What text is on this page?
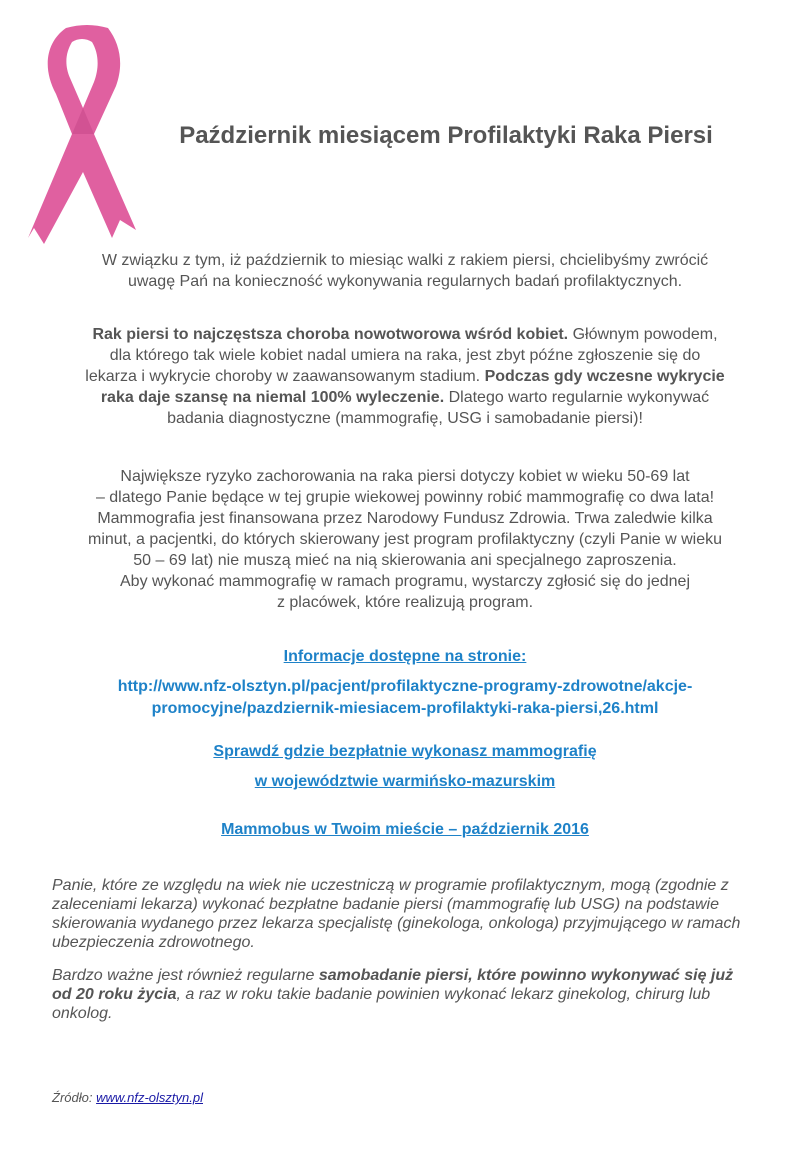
Październik miesiącem Profilaktyki Raka Piersi

W związku z tym, iż październik to miesiąc walki z rakiem piersi, chcielibyśmy zwrócić
uwagę Pań na konieczność wykonywania regularnych badań profilaktycznych.

Rak piersi to najczęstsza choroba nowotworowa wśród kobiet. Głównym powodem,
dla którego tak wiele kobiet nadal umiera na raka, jest zbyt późne zgłoszenie się do
lekarza i wykrycie choroby w zaawansowanym stadium. Podczas gdy wczesne wykrycie
raka daje szansę na niemal 100% wyleczenie. Dlatego warto regularnie wykonywać
badania diagnostyczne (mammografię, USG i samobadanie piersi)!

Największe ryzyko zachorowania na raka piersi dotyczy kobiet w wieku 50-69 lat
– dlatego Panie będące w tej grupie wiekowej powinny robić mammografię co dwa lata!
Mammografia jest finansowana przez Narodowy Fundusz Zdrowia. Trwa zaledwie kilka
minut, a pacjentki, do których skierowany jest program profilaktyczny (czyli Panie w wieku
50 – 69 lat) nie muszą mieć na nią skierowania ani specjalnego zaproszenia.
Aby wykonać mammografię w ramach programu, wystarczy zgłosić się do jednej
z placówek, które realizują program.

Informacje dostępne na stronie:

http://www.nfz-olsztyn.pl/pacjent/profilaktyczne-programy-zdrowotne/akcje-
promocyjne/pazdziernik-miesiacem-profilaktyki-raka-piersi,26.html

Sprawdź gdzie bezpłatnie wykonasz mammografię

w województwie warmińsko-mazurskim

Mammobus w Twoim mieście – październik 2016

Panie, które ze względu na wiek nie uczestniczą w programie profilaktycznym, mogą (zgodnie z zaleceniami lekarza) wykonać bezpłatne badanie piersi (mammografię lub USG) na podstawie skierowania wydanego przez lekarza specjalistę (ginekologa, onkologa) przyjmującego w ramach ubezpieczenia zdrowotnego.

Bardzo ważne jest również regularne samobadanie piersi, które powinno wykonywać się już od 20 roku życia, a raz w roku takie badanie powinien wykonać lekarz ginekolog, chirurg lub onkolog.

Źródło: www.nfz-olsztyn.pl
